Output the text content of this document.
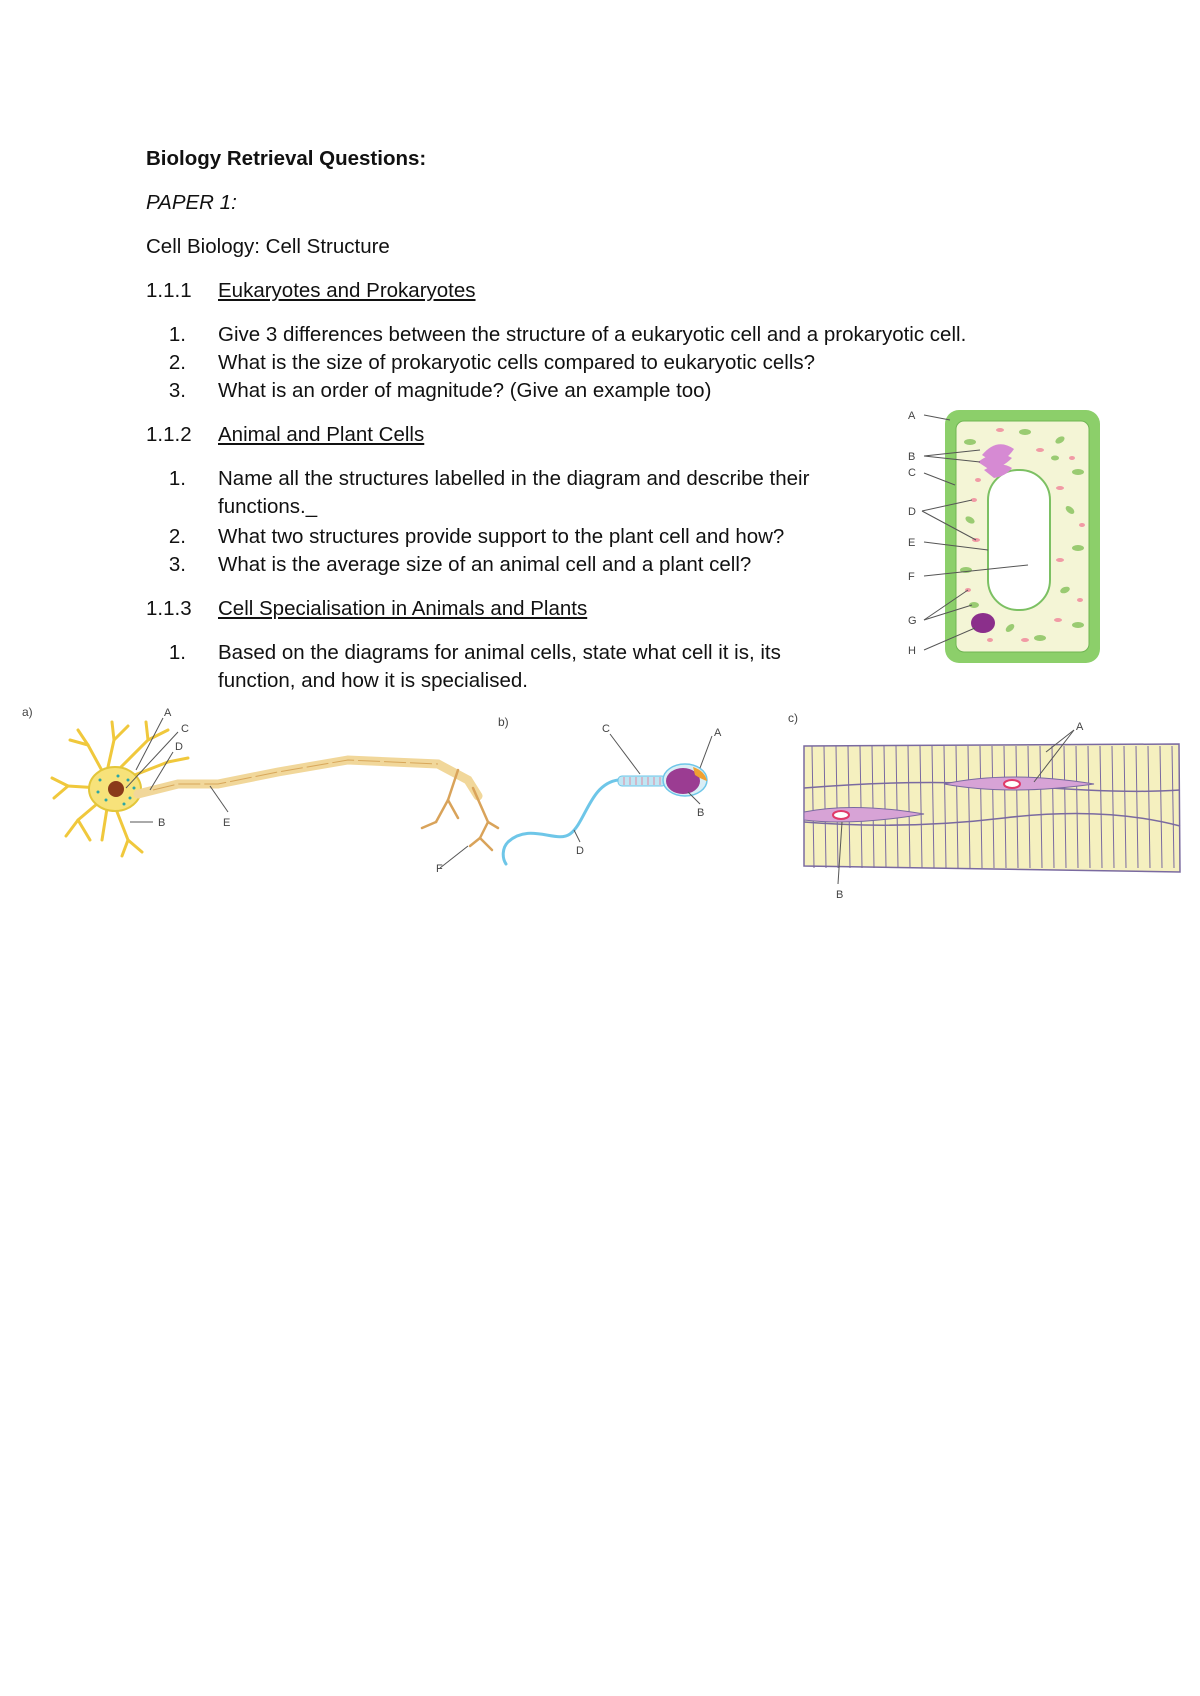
Biology Retrieval Questions:
PAPER 1:
Cell Biology: Cell Structure
1.1.1 Eukaryotes and Prokaryotes
1. Give 3 differences between the structure of a eukaryotic cell and a prokaryotic cell.
2. What is the size of prokaryotic cells compared to eukaryotic cells?
3. What is an order of magnitude? (Give an example too)
1.1.2 Animal and Plant Cells
1. Name all the structures labelled in the diagram and describe their functions._
2. What two structures provide support to the plant cell and how?
3. What is the average size of an animal cell and a plant cell?
1.1.3 Cell Specialisation in Animals and Plants
1. Based on the diagrams for animal cells, state what cell it is, its function, and how it is specialised.
A
B
C
D
E
F
G
H
a)	A
C
D
B	E
F
b)	C	A
B
D
c)
A
B
